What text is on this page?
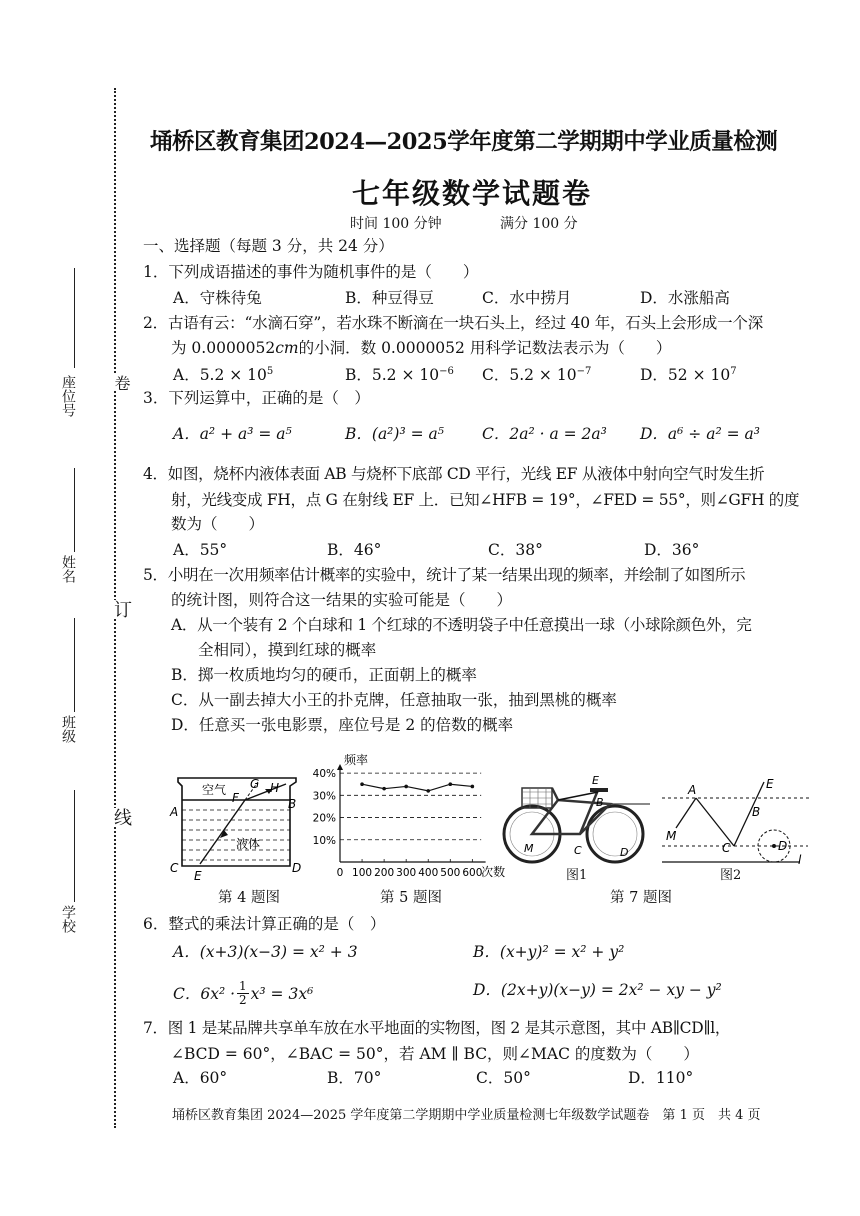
卷
订
线
座位号
姓名
班级
学校
埇桥区教育集团2024—2025学年度第二学期期中学业质量检测
七年级数学试题卷
时间 100 分钟	满分 100 分
一、选择题（每题 3 分，共 24 分）
1．下列成语描述的事件为随机事件的是（　　）
A．守株待兔	B．种豆得豆	C．水中捞月	D．水涨船高
2．古语有云：“水滴石穿”，若水珠不断滴在一块石头上，经过 40 年，石头上会形成一个深
为 0.0000052cm的小洞．数 0.0000052 用科学记数法表示为（　　）
A．$5.2 \times 10^5$	B．$5.2 \times 10^{-6}$ C．$5.2 \times 10^{-7}$	D．$52 \times 10^7$
3．下列运算中，正确的是（　）
A．a² + a³ = a⁵	B．(a²)³ = a⁵ C．2a² · a = 2a³ D．a⁶ ÷ a² = a³
4．如图，烧杯内液体表面 AB 与烧杯下底部 CD 平行，光线 EF 从液体中射向空气时发生折
射，光线变成 FH，点 G 在射线 EF 上．已知∠HFB = 19°，∠FED = 55°，则∠GFH 的度
数为（　　）
A．55°	B．46°	C．38°	D．36°
5．小明在一次用频率估计概率的实验中，统计了某一结果出现的频率，并绘制了如图所示
的统计图，则符合这一结果的实验可能是（　　）
A．从一个装有 2 个白球和 1 个红球的不透明袋子中任意摸出一球（小球除颜色外，完
全相同），摸到红球的概率
B．掷一枚质地均匀的硬币，正面朝上的概率
C．从一副去掉大小王的扑克牌，任意抽取一张，抽到黑桃的概率
D．任意买一张电影票，座位号是 2 的倍数的概率
空气
液体
A
B
C	D
E
F
G H
第 4 题图
频率
次数
10%
20%
30%
40%
0 100 200 300 400 500 600
第 5 题图
E
B
M	C	D
图1
A	E
B
M
C	D
l
图2
第 7 题图
6．整式的乘法计算正确的是（　）
A．(x+3)(x−3) = x² + 3	B．(x+y)² = x² + y²
C．$6x^2 \cdot \frac{1}{2} x^3 = 3x^6$	D．(2x+y)(x−y) = 2x² − xy − y²
7．图 1 是某品牌共享单车放在水平地面的实物图，图 2 是其示意图，其中 AB∥CD∥l，
∠BCD = 60°，∠BAC = 50°，若 AM ∥ BC，则∠MAC 的度数为（　　）
A．60°	B．70°	C．50°	D．110°
埇桥区教育集团 2024—2025 学年度第二学期期中学业质量检测七年级数学试题卷　第 1 页　共 4 页
